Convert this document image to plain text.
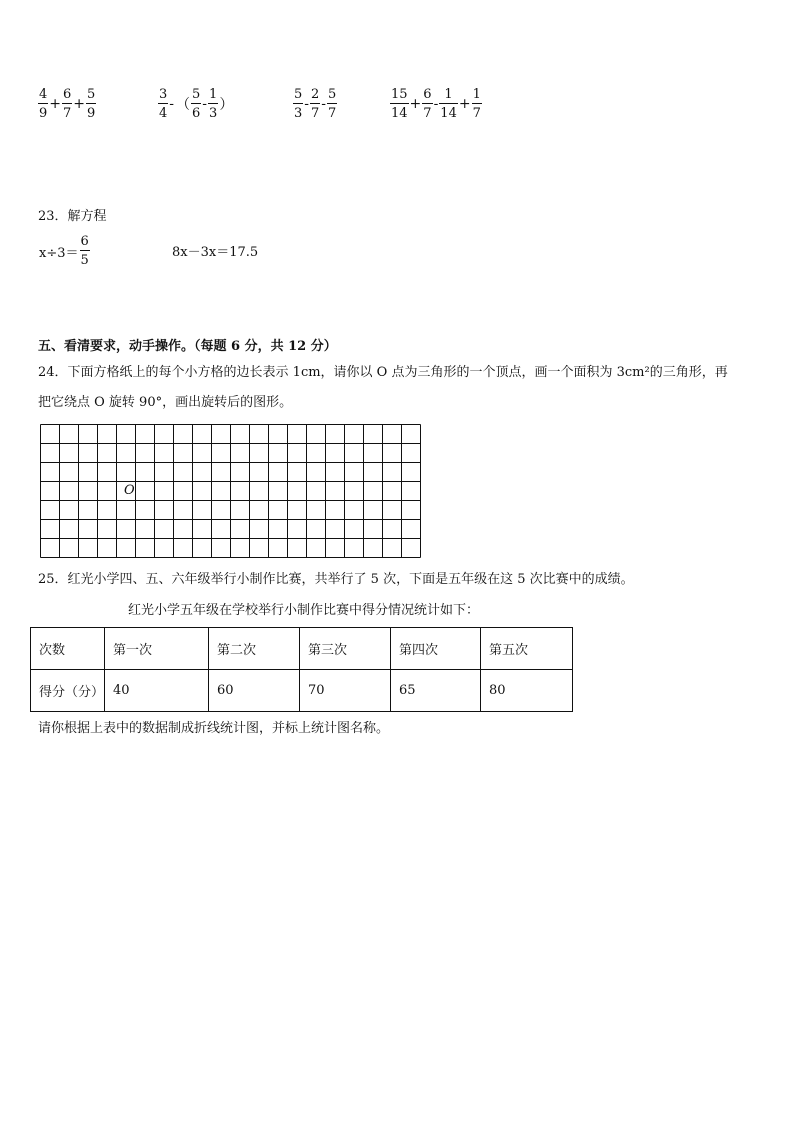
$\frac{4}{9} + \frac{6}{7} + \frac{5}{9}$	$\frac{3}{4}$ - （ $\frac{5}{6} - \frac{1}{3}$ ）	$\frac{5}{3} - \frac{2}{7} - \frac{5}{7}$	$\frac{15}{14} + \frac{6}{7} - \frac{1}{14} + \frac{1}{7}$
23．解方程
$x\div 3= \frac{6}{5}$	8x－3x＝17.5
五、看清要求，动手操作。（每题 6 分，共 12 分）
24．下面方格纸上的每个小方格的边长表示 1cm，请你以 O 点为三角形的一个顶点，画一个面积为 3cm²的三角形，再
把它绕点 O 旋转 90°，画出旋转后的图形。
O
25．红光小学四、五、六年级举行小制作比赛，共举行了 5 次，下面是五年级在这 5 次比赛中的成绩。
红光小学五年级在学校举行小制作比赛中得分情况统计如下：
次数	第一次	第二次	第三次	第四次	第五次
得分（分）	40	60	70	65	80
请你根据上表中的数据制成折线统计图，并标上统计图名称。
